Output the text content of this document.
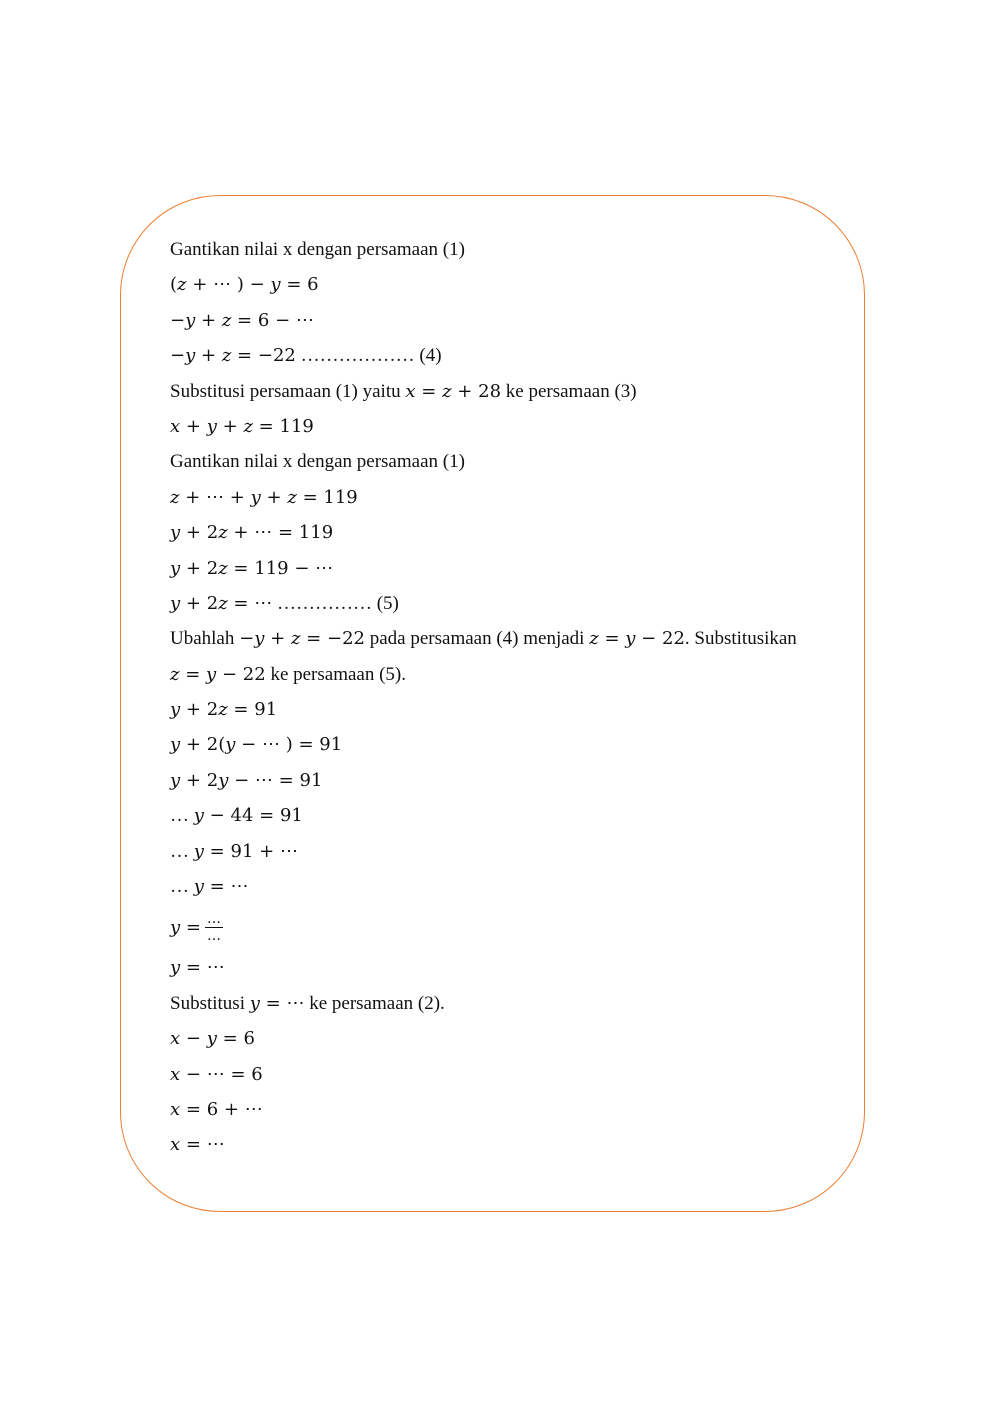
Gantikan nilai x dengan persamaan (1)
(z + ⋯ ) − y = 6
−y + z = 6 − ⋯
−y + z = −22 ……………… (4)
Substitusi persamaan (1) yaitu x = z + 28 ke persamaan (3)
x + y + z = 119
Gantikan nilai x dengan persamaan (1)
z + ⋯ + y + z = 119
y + 2z + ⋯ = 119
y + 2z = 119 − ⋯
y + 2z = ⋯ …………… (5)
Ubahlah −y + z = −22 pada persamaan (4) menjadi z = y − 22. Substitusikan
z = y − 22 ke persamaan (5).
y + 2z = 91
y + 2(y − ⋯ ) = 91
y + 2y − ⋯ = 91
… y − 44 = 91
… y = 91 + ⋯
… y = ⋯
$y = \frac{\dots}{\dots}$
y = ⋯
Substitusi y = ⋯ ke persamaan (2).
x − y = 6
x − ⋯ = 6
x = 6 + ⋯
x = ⋯
